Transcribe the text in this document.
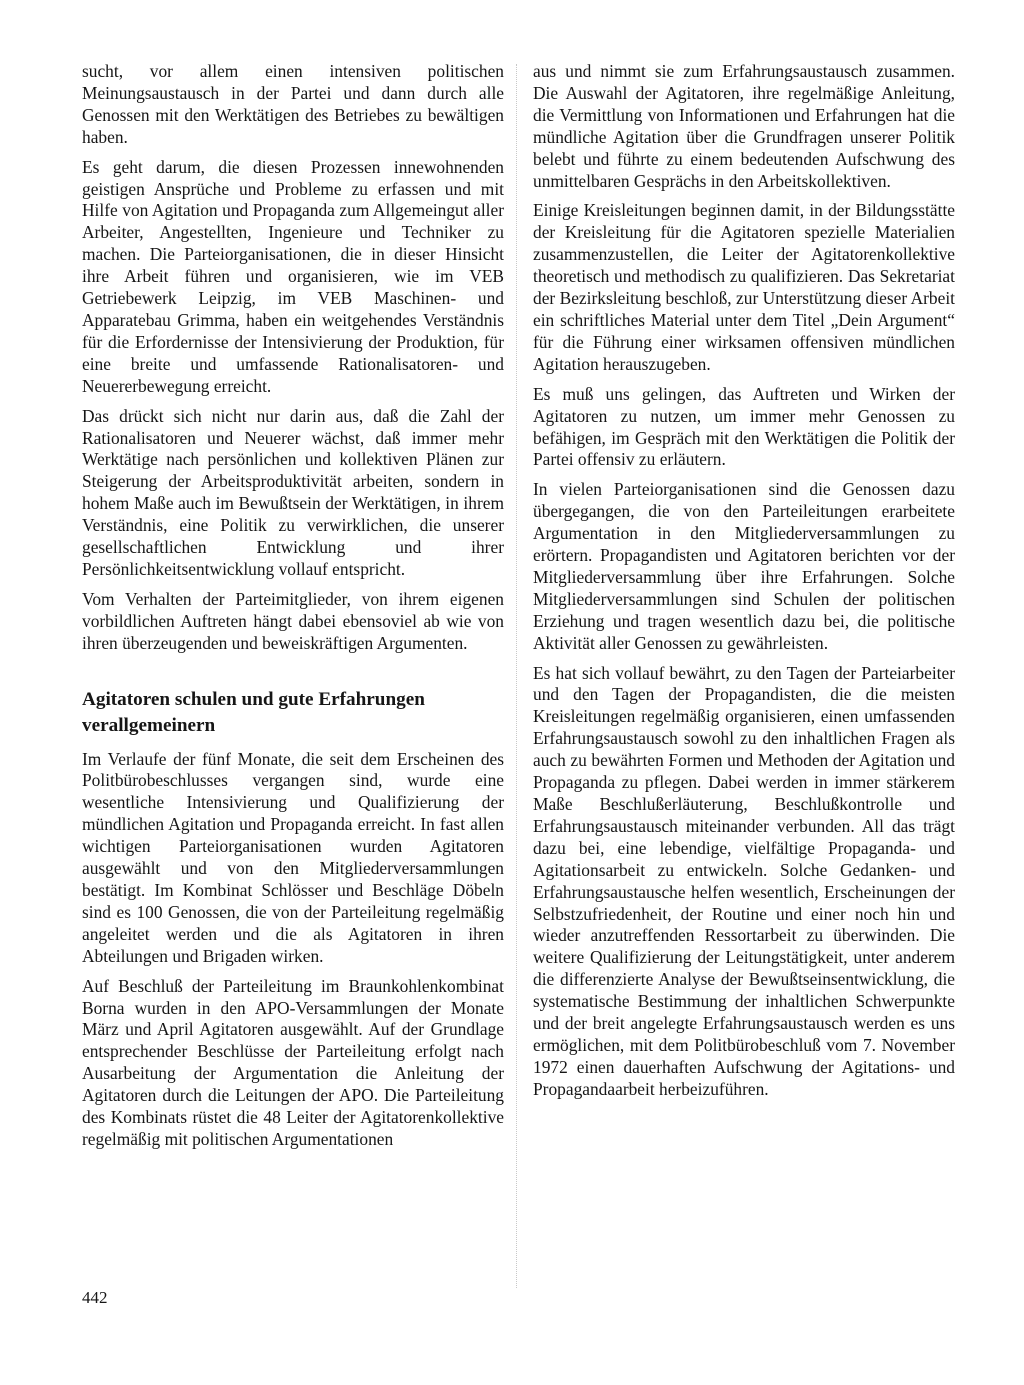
sucht, vor allem einen intensiven politischen Meinungsaustausch in der Partei und dann durch alle Genossen mit den Werktätigen des Betriebes zu bewältigen haben.

Es geht darum, die diesen Prozessen innewohnenden geistigen Ansprüche und Probleme zu erfassen und mit Hilfe von Agitation und Propaganda zum Allgemeingut aller Arbeiter, Angestellten, Ingenieure und Techniker zu machen. Die Parteiorganisationen, die in dieser Hinsicht ihre Arbeit führen und organisieren, wie im VEB Getriebewerk Leipzig, im VEB Maschinen- und Apparatebau Grimma, haben ein weitgehendes Verständnis für die Erfordernisse der Intensivierung der Produktion, für eine breite und umfassende Rationalisatoren- und Neuererbewegung erreicht.

Das drückt sich nicht nur darin aus, daß die Zahl der Rationalisatoren und Neuerer wächst, daß immer mehr Werktätige nach persönlichen und kollektiven Plänen zur Steigerung der Arbeitsproduktivität arbeiten, sondern in hohem Maße auch im Bewußtsein der Werktätigen, in ihrem Verständnis, eine Politik zu verwirklichen, die unserer gesellschaftlichen Entwicklung und ihrer Persönlichkeitsentwicklung vollauf entspricht.

Vom Verhalten der Parteimitglieder, von ihrem eigenen vorbildlichen Auftreten hängt dabei ebensoviel ab wie von ihren überzeugenden und beweiskräftigen Argumenten.

Agitatoren schulen und gute Erfahrungen verallgemeinern

Im Verlaufe der fünf Monate, die seit dem Erscheinen des Politbürobeschlusses vergangen sind, wurde eine wesentliche Intensivierung und Qualifizierung der mündlichen Agitation und Propaganda erreicht. In fast allen wichtigen Parteiorganisationen wurden Agitatoren ausgewählt und von den Mitgliederversammlungen bestätigt. Im Kombinat Schlösser und Beschläge Döbeln sind es 100 Genossen, die von der Parteileitung regelmäßig angeleitet werden und die als Agitatoren in ihren Abteilungen und Brigaden wirken.

Auf Beschluß der Parteileitung im Braunkohlenkombinat Borna wurden in den APO-Versammlungen der Monate März und April Agitatoren ausgewählt. Auf der Grundlage entsprechender Beschlüsse der Parteileitung erfolgt nach Ausarbeitung der Argumentation die Anleitung der Agitatoren durch die Leitungen der APO. Die Parteileitung des Kombinats rüstet die 48 Leiter der Agitatorenkollektive regelmäßig mit politischen Argumentationen

aus und nimmt sie zum Erfahrungsaustausch zusammen. Die Auswahl der Agitatoren, ihre regelmäßige Anleitung, die Vermittlung von Informationen und Erfahrungen hat die mündliche Agitation über die Grundfragen unserer Politik belebt und führte zu einem bedeutenden Aufschwung des unmittelbaren Gesprächs in den Arbeitskollektiven.

Einige Kreisleitungen beginnen damit, in der Bildungsstätte der Kreisleitung für die Agitatoren spezielle Materialien zusammenzustellen, die Leiter der Agitatorenkollektive theoretisch und methodisch zu qualifizieren. Das Sekretariat der Bezirksleitung beschloß, zur Unterstützung dieser Arbeit ein schriftliches Material unter dem Titel „Dein Argument“ für die Führung einer wirksamen offensiven mündlichen Agitation herauszugeben.

Es muß uns gelingen, das Auftreten und Wirken der Agitatoren zu nutzen, um immer mehr Genossen zu befähigen, im Gespräch mit den Werktätigen die Politik der Partei offensiv zu erläutern.

In vielen Parteiorganisationen sind die Genossen dazu übergegangen, die von den Parteileitungen erarbeitete Argumentation in den Mitgliederversammlungen zu erörtern. Propagandisten und Agitatoren berichten vor der Mitgliederversammlung über ihre Erfahrungen. Solche Mitgliederversammlungen sind Schulen der politischen Erziehung und tragen wesentlich dazu bei, die politische Aktivität aller Genossen zu gewährleisten.

Es hat sich vollauf bewährt, zu den Tagen der Parteiarbeiter und den Tagen der Propagandisten, die die meisten Kreisleitungen regelmäßig organisieren, einen umfassenden Erfahrungsaustausch sowohl zu den inhaltlichen Fragen als auch zu bewährten Formen und Methoden der Agitation und Propaganda zu pflegen. Dabei werden in immer stärkerem Maße Beschlußerläuterung, Beschlußkontrolle und Erfahrungsaustausch miteinander verbunden. All das trägt dazu bei, eine lebendige, vielfältige Propaganda- und Agitationsarbeit zu entwickeln. Solche Gedanken- und Erfahrungsaustausche helfen wesentlich, Erscheinungen der Selbstzufriedenheit, der Routine und einer noch hin und wieder anzutreffenden Ressortarbeit zu überwinden. Die weitere Qualifizierung der Leitungstätigkeit, unter anderem die differenzierte Analyse der Bewußtseinsentwicklung, die systematische Bestimmung der inhaltlichen Schwerpunkte und der breit angelegte Erfahrungsaustausch werden es uns ermöglichen, mit dem Politbürobeschluß vom 7. November 1972 einen dauerhaften Aufschwung der Agitations- und Propagandaarbeit herbeizuführen.

442
